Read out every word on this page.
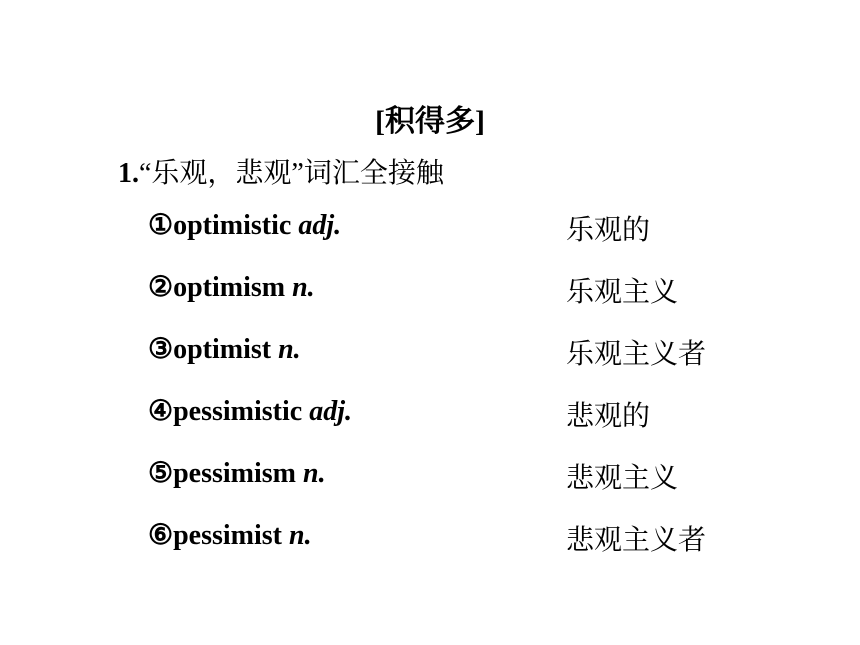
[积得多]
1.“乐观，悲观”词汇全接触
①optimistic adj.	乐观的
②optimism n.	乐观主义
③optimist n.	乐观主义者
④pessimistic adj.	悲观的
⑤pessimism n.	悲观主义
⑥pessimist n.	悲观主义者
